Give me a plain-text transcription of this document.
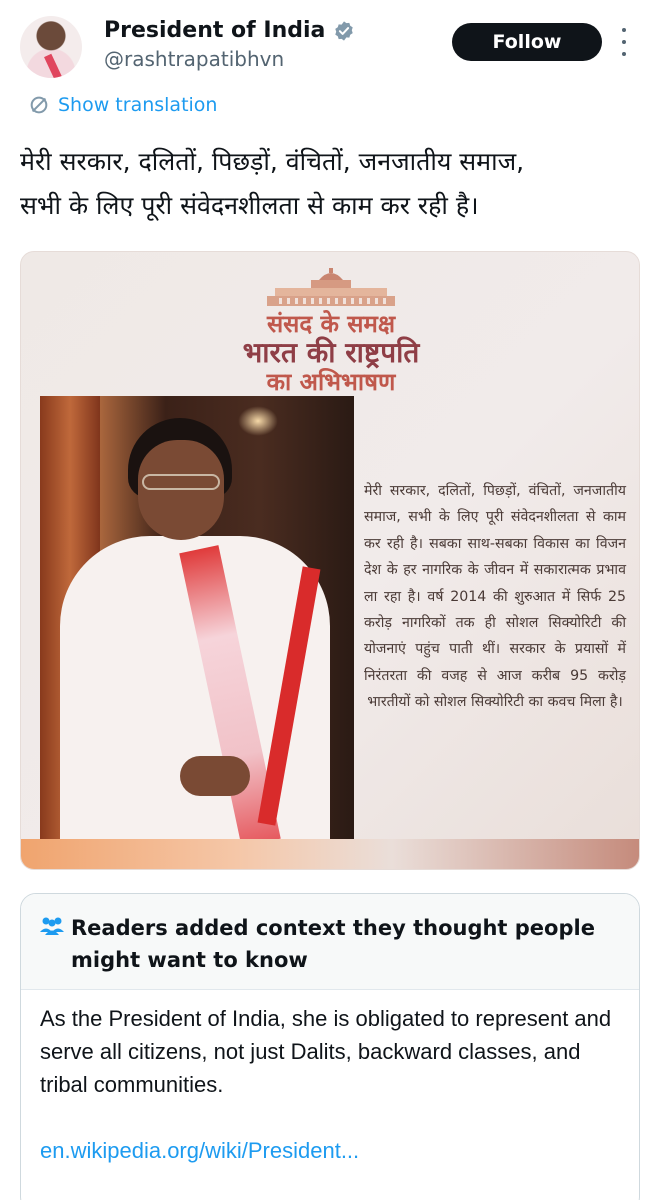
President of India
@rashtrapatibhvn
Follow
Show translation
मेरी सरकार, दलितों, पिछड़ों, वंचितों, जनजातीय समाज,
सभी के लिए पूरी संवेदनशीलता से काम कर रही है।
संसद के समक्ष
भारत की राष्ट्रपति
का अभिभाषण
मेरी सरकार, दलितों, पिछड़ों, वंचितों, जनजातीय समाज, सभी के लिए पूरी संवेदनशीलता से काम कर रही है। सबका साथ-सबका विकास का विजन देश के हर नागरिक के जीवन में सकारात्मक प्रभाव ला रहा है। वर्ष 2014 की शुरुआत में सिर्फ 25 करोड़ नागरिकों तक ही सोशल सिक्योरिटी की योजनाएं पहुंच पाती थीं। सरकार के प्रयासों में निरंतरता की वजह से आज करीब 95 करोड़ भारतीयों को सोशल सिक्योरिटी का कवच मिला है।
Readers added context they thought people might want to know
As the President of India, she is obligated to represent and serve all citizens, not just Dalits, backward classes, and tribal communities.
en.wikipedia.org/wiki/President...
